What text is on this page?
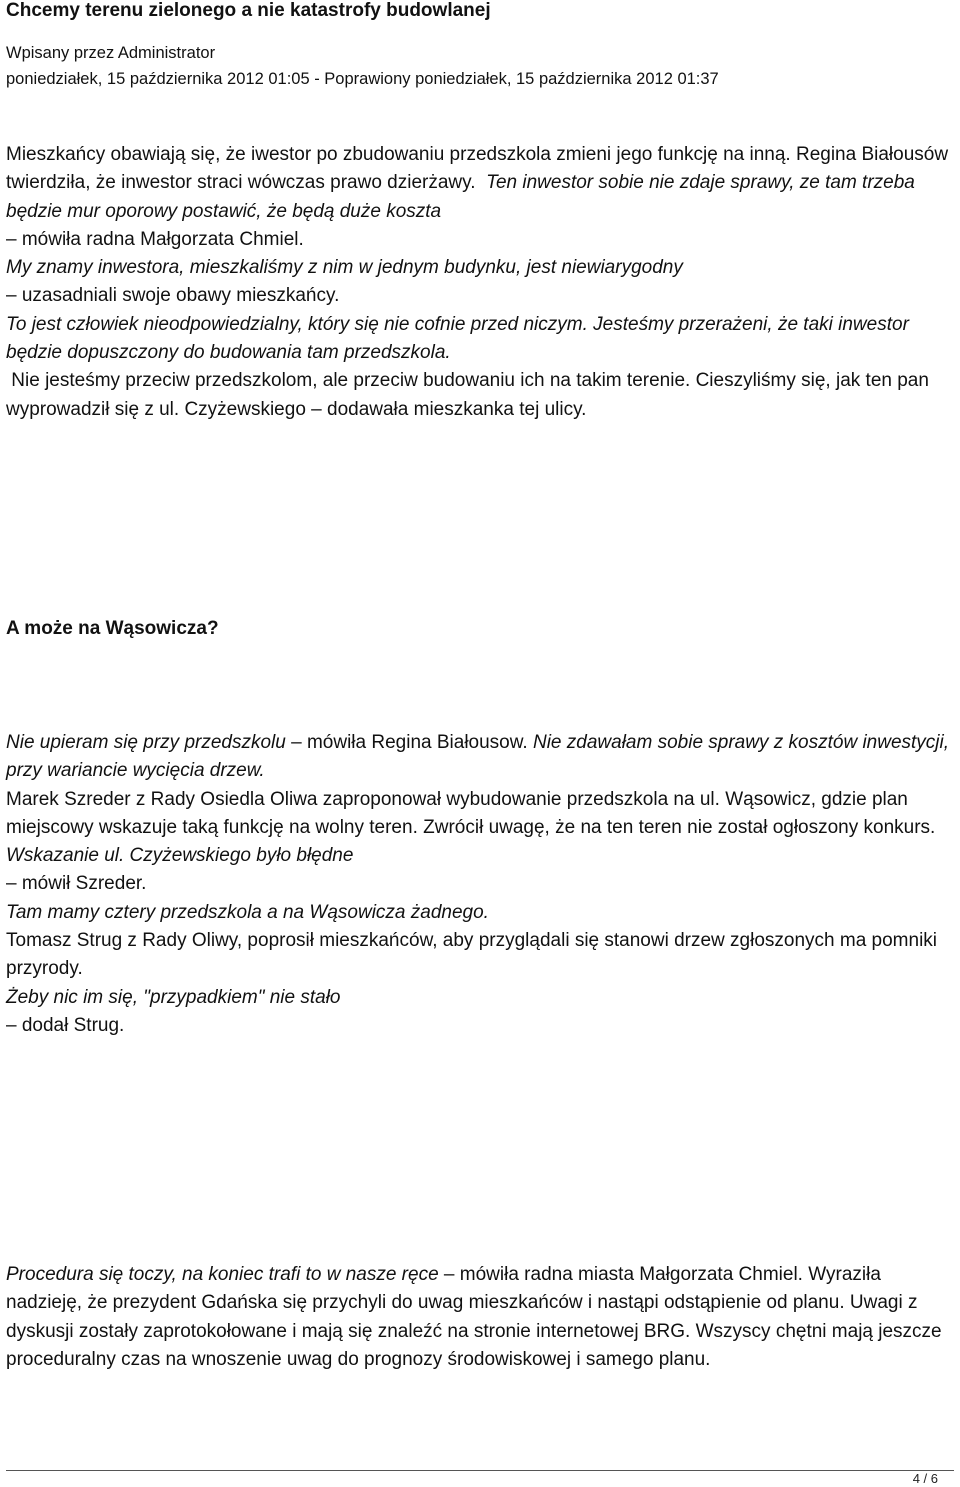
Chcemy terenu zielonego a nie katastrofy budowlanej
Wpisany przez Administrator
poniedziałek, 15 października 2012 01:05 - Poprawiony poniedziałek, 15 października 2012 01:37

Mieszkańcy obawiają się, że iwestor po zbudowaniu przedszkola zmieni jego funkcję na inną. Regina Białousów twierdziła, że inwestor straci wówczas prawo dzierżawy. Ten inwestor sobie nie zdaje sprawy, ze tam trzeba będzie mur oporowy postawić, że będą duże koszta

– mówiła radna Małgorzata Chmiel.

My znamy inwestora, mieszkaliśmy z nim w jednym budynku, jest niewiarygodny

– uzasadniali swoje obawy mieszkańcy.

To jest człowiek nieodpowiedzialny, który się nie cofnie przed niczym. Jesteśmy przerażeni, że taki inwestor będzie dopuszczony do budowania tam przedszkola.

Nie jesteśmy przeciw przedszkolom, ale przeciw budowaniu ich na takim terenie. Cieszyliśmy się, jak ten pan wyprowadził się z ul. Czyżewskiego – dodawała mieszkanka tej ulicy.

A może na Wąsowicza?

Nie upieram się przy przedszkolu – mówiła Regina Białousow. Nie zdawałam sobie sprawy z kosztów inwestycji, przy wariancie wycięcia drzew.

Marek Szreder z Rady Osiedla Oliwa zaproponował wybudowanie przedszkola na ul. Wąsowicz, gdzie plan miejscowy wskazuje taką funkcję na wolny teren. Zwrócił uwagę, że na ten teren nie został ogłoszony konkurs.

Wskazanie ul. Czyżewskiego było błędne

– mówił Szreder.

Tam mamy cztery przedszkola a na Wąsowicza żadnego.

Tomasz Strug z Rady Oliwy, poprosił mieszkańców, aby przyglądali się stanowi drzew zgłoszonych ma pomniki przyrody.

Żeby nic im się, "przypadkiem" nie stało

– dodał Strug.

Procedura się toczy, na koniec trafi to w nasze ręce – mówiła radna miasta Małgorzata Chmiel. Wyraziła nadzieję, że prezydent Gdańska się przychyli do uwag mieszkańców i nastąpi odstąpienie od planu. Uwagi z dyskusji zostały zaprotokołowane i mają się znaleźć na stronie internetowej BRG. Wszyscy chętni mają jeszcze proceduralny czas na wnoszenie uwag do prognozy środowiskowej i samego planu.

4 / 6
